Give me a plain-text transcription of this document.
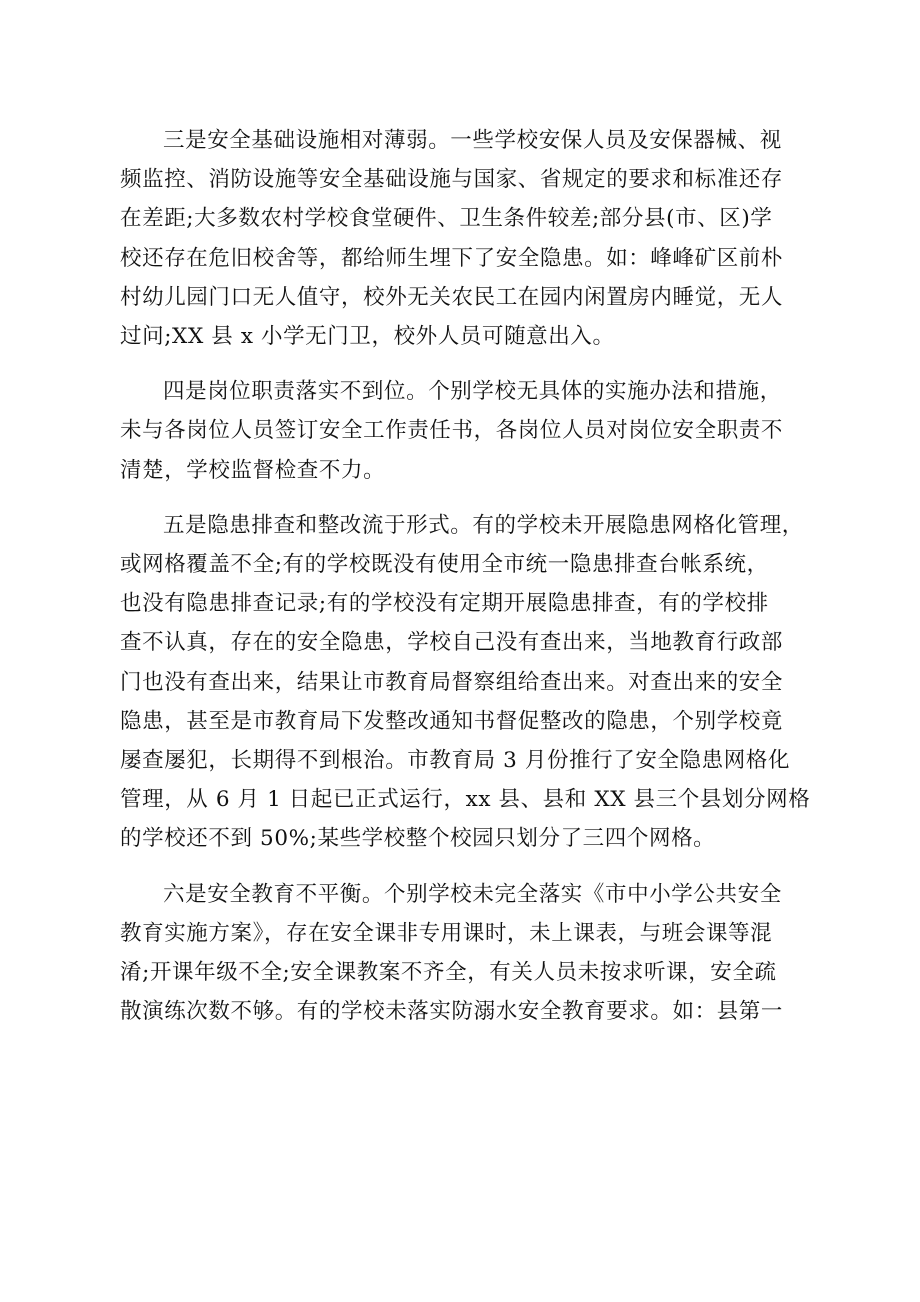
三是安全基础设施相对薄弱。一些学校安保人员及安保器械、视
频监控、消防设施等安全基础设施与国家、省规定的要求和标准还存
在差距;大多数农村学校食堂硬件、卫生条件较差;部分县(市、区)学
校还存在危旧校舍等，都给师生埋下了安全隐患。如：峰峰矿区前朴
村幼儿园门口无人值守，校外无关农民工在园内闲置房内睡觉，无人
过问;XX 县 x 小学无门卫，校外人员可随意出入。

四是岗位职责落实不到位。个别学校无具体的实施办法和措施，
未与各岗位人员签订安全工作责任书，各岗位人员对岗位安全职责不
清楚，学校监督检查不力。

五是隐患排查和整改流于形式。有的学校未开展隐患网格化管理，
或网格覆盖不全;有的学校既没有使用全市统一隐患排查台帐系统，
也没有隐患排查记录;有的学校没有定期开展隐患排查，有的学校排
查不认真，存在的安全隐患，学校自己没有查出来，当地教育行政部
门也没有查出来，结果让市教育局督察组给查出来。对查出来的安全
隐患，甚至是市教育局下发整改通知书督促整改的隐患，个别学校竟
屡查屡犯，长期得不到根治。市教育局 3 月份推行了安全隐患网格化
管理，从 6 月 1 日起已正式运行，xx 县、县和 XX 县三个县划分网格
的学校还不到 50%;某些学校整个校园只划分了三四个网格。

六是安全教育不平衡。个别学校未完全落实《市中小学公共安全
教育实施方案》，存在安全课非专用课时，未上课表，与班会课等混
淆;开课年级不全;安全课教案不齐全，有关人员未按求听课，安全疏
散演练次数不够。有的学校未落实防溺水安全教育要求。如：县第一
